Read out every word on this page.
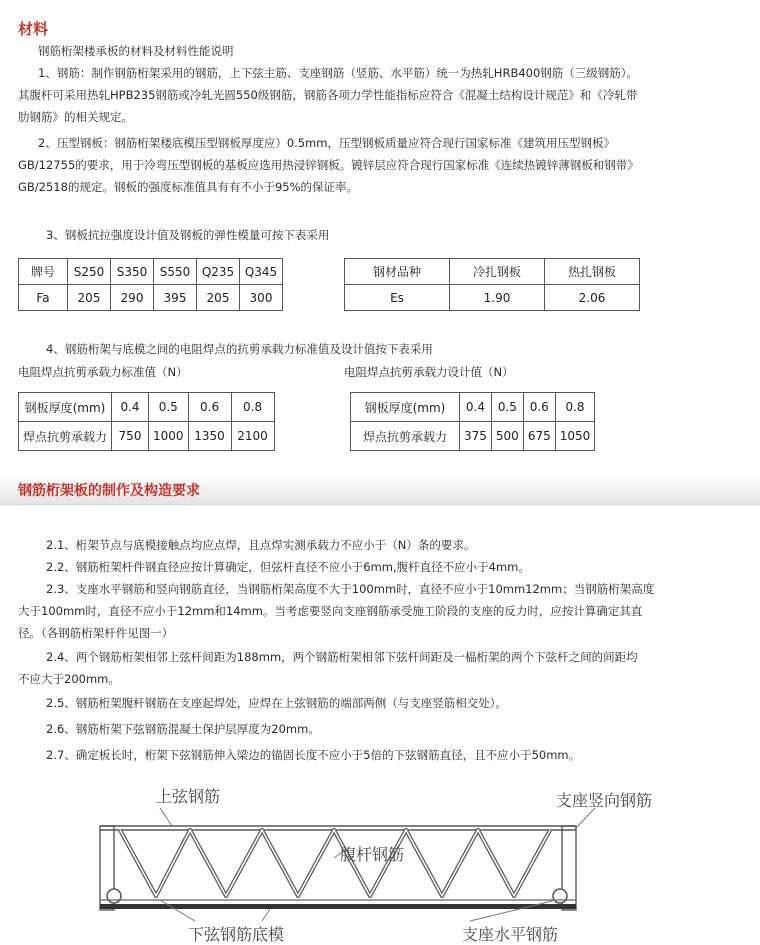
材料
钢筋桁架楼承板的材料及材料性能说明
1、钢筋：制作钢筋桁架采用的钢筋，上下弦主筋、支座钢筋（竖筋、水平筋）统一为热轧HRB400钢筋（三级钢筋）。
其腹杆可采用热轧HPB235钢筋或冷轧光圆550级钢筋，钢筋各项力学性能指标应符合《混凝土结构设计规范》和《冷轧带
肋钢筋》的相关规定。
2、压型钢板：钢筋桁架楼底模压型钢板厚度应）0.5mm，压型钢板质量应符合现行国家标准《建筑用压型钢板》
GB/12755的要求，用于冷弯压型钢板的基板应选用热浸锌钢板。镀锌层应符合现行国家标准《连续热镀锌薄钢板和钢带》
GB/2518的规定。钢板的强度标准值具有有不小于95%的保证率。
3、钢板抗拉强度设计值及钢板的弹性模量可按下表采用
牌号	S250	S350	S550	Q235	Q345
Fa	205	290	395	205	300
钢材品种	冷扎钢板	热扎钢板
Es	1.90	2.06
4、钢筋桁架与底模之间的电阻焊点的抗剪承载力标准值及设计值按下表采用
电阻焊点抗剪承载力标准值（N）	电阻焊点抗剪承载力设计值（N）
钢板厚度(mm)	0.4	0.5	0.6	0.8
焊点抗剪承载力	750	1000	1350	2100
钢板厚度(mm)	0.4	0.5	0.6	0.8
焊点抗剪承载力	375	500	675	1050
钢筋桁架板的制作及构造要求
2.1、桁架节点与底模接触点均应点焊，且点焊实测承载力不应小于（N）条的要求。
2.2、钢筋桁架杆件钢直径应按计算确定，但弦杆直径不应小于6mm,腹杆直径不应小于4mm。
2.3、支座水平钢筋和竖向钢筋直径，当钢筋桁架高度不大于100mm时，直径不应小于10mm12mm；当钢筋桁架高度
大于100mm时，直径不应小于12mm和14mm。当考虑要竖向支座钢筋承受施工阶段的支座的反力时，应按计算确定其直
径。（各钢筋桁架杆件见图一）
2.4、两个钢筋桁架相邻上弦杆间距为188mm，两个钢筋桁架相邻下弦杆间距及一榀桁架的两个下弦杆之间的间距均
不应大于200mm。
2.5、钢筋桁架腹杆钢筋在支座起焊处，应焊在上弦钢筋的端部两侧（与支座竖筋相交处）。
2.6、钢筋桁架下弦钢筋混凝土保护层厚度为20mm。
2.7、确定板长时，桁架下弦钢筋伸入梁边的锚固长度不应小于5倍的下弦钢筋直径，且不应小于50mm。
上弦钢筋	支座竖向钢筋
腹杆钢筋
下弦钢筋 底模	支座水平钢筋
